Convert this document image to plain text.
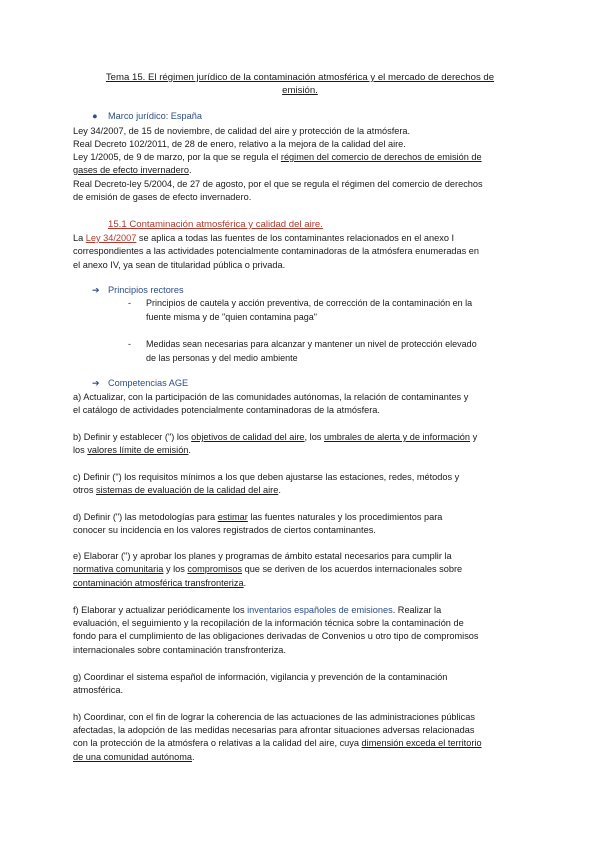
Tema 15. El régimen jurídico de la contaminación atmosférica y el mercado de derechos de
emisión.
● Marco jurídico: España
Ley 34/2007, de 15 de noviembre, de calidad del aire y protección de la atmósfera.
Real Decreto 102/2011, de 28 de enero, relativo a la mejora de la calidad del aire.
Ley 1/2005, de 9 de marzo, por la que se regula el régimen del comercio de derechos de emisión de
gases de efecto invernadero.
Real Decreto-ley 5/2004, de 27 de agosto, por el que se regula el régimen del comercio de derechos
de emisión de gases de efecto invernadero.
15.1 Contaminación atmosférica y calidad del aire.
La Ley 34/2007 se aplica a todas las fuentes de los contaminantes relacionados en el anexo I
correspondientes a las actividades potencialmente contaminadoras de la atmósfera enumeradas en
el anexo IV, ya sean de titularidad pública o privada.
➔ Principios rectores
- Principios de cautela y acción preventiva, de corrección de la contaminación en la
fuente misma y de "quien contamina paga"
- Medidas sean necesarias para alcanzar y mantener un nivel de protección elevado
de las personas y del medio ambiente
➔ Competencias AGE
a) Actualizar, con la participación de las comunidades autónomas, la relación de contaminantes y
el catálogo de actividades potencialmente contaminadoras de la atmósfera.
b) Definir y establecer (") los objetivos de calidad del aire, los umbrales de alerta y de información y
los valores límite de emisión.
c) Definir (") los requisitos mínimos a los que deben ajustarse las estaciones, redes, métodos y
otros sistemas de evaluación de la calidad del aire.
d) Definir (") las metodologías para estimar las fuentes naturales y los procedimientos para
conocer su incidencia en los valores registrados de ciertos contaminantes.
e) Elaborar (") y aprobar los planes y programas de ámbito estatal necesarios para cumplir la
normativa comunitaria y los compromisos que se deriven de los acuerdos internacionales sobre
contaminación atmosférica transfronteriza.
f) Elaborar y actualizar periódicamente los inventarios españoles de emisiones. Realizar la
evaluación, el seguimiento y la recopilación de la información técnica sobre la contaminación de
fondo para el cumplimiento de las obligaciones derivadas de Convenios u otro tipo de compromisos
internacionales sobre contaminación transfronteriza.
g) Coordinar el sistema español de información, vigilancia y prevención de la contaminación
atmosférica.
h) Coordinar, con el fin de lograr la coherencia de las actuaciones de las administraciones públicas
afectadas, la adopción de las medidas necesarias para afrontar situaciones adversas relacionadas
con la protección de la atmósfera o relativas a la calidad del aire, cuya dimensión exceda el territorio
de una comunidad autónoma.
